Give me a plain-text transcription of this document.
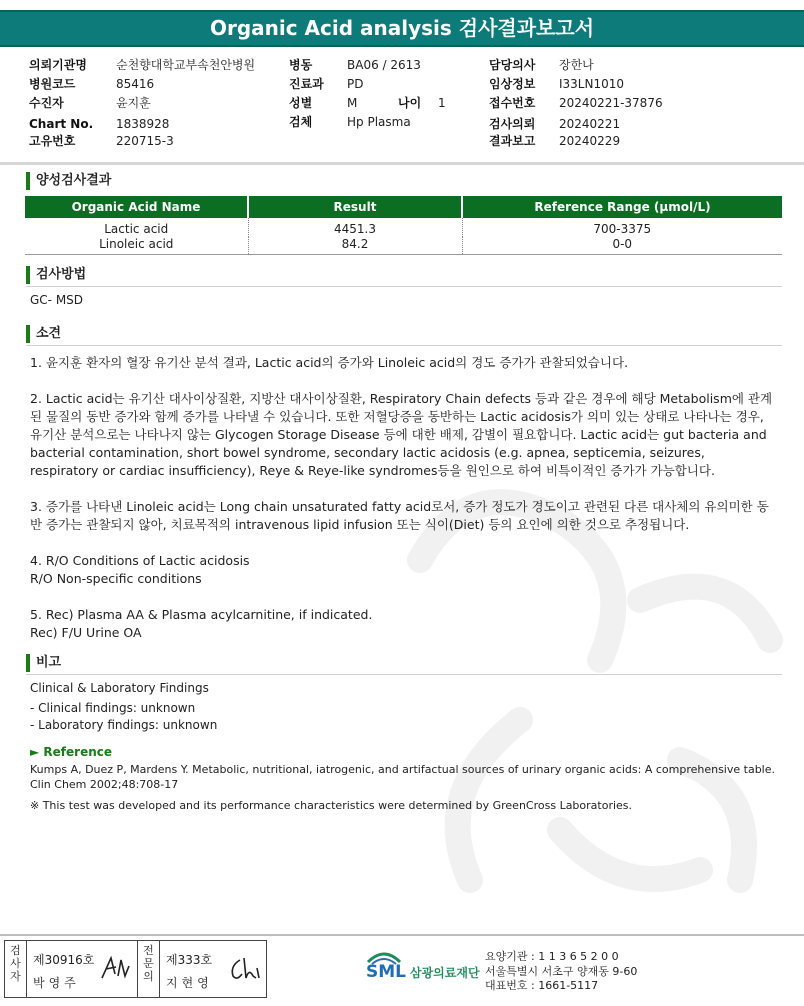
Organic Acid analysis 검사결과보고서
의뢰기관명 순천향대학교부속천안병원
병원코드	85416
수진자	윤지훈
Chart No. 1838928
고유번호	220715-3
병동	BA06 / 2613
진료과 PD
성별	M	나이 1
검체	Hp Plasma
담당의사 장한나
임상정보 I33LN1010
접수번호 20240221-37876
검사의뢰 20240221
결과보고 20240229
양성검사결과
Organic Acid Name	Result	Reference Range (μmol/L)
Lactic acid	4451.3	700-3375
Linoleic acid	84.2	0-0
검사방법
GC- MSD
소견

1. 윤지훈 환자의 혈장 유기산 분석 결과, Lactic acid의 증가와 Linoleic acid의 경도 증가가 관찰되었습니다.

2. Lactic acid는 유기산 대사이상질환, 지방산 대사이상질환, Respiratory Chain defects 등과 같은 경우에 해당 Metabolism에 관계된 물질의 동반 증가와 함께 증가를 나타낼 수 있습니다. 또한 저혈당증을 동반하는 Lactic acidosis가 의미 있는 상태로 나타나는 경우, 유기산 분석으로는 나타나지 않는 Glycogen Storage Disease 등에 대한 배제, 감별이 필요합니다. Lactic acid는 gut bacteria and bacterial contamination, short bowel syndrome, secondary lactic acidosis (e.g. apnea, septicemia, seizures, respiratory or cardiac insufficiency), Reye & Reye-like syndromes등을 원인으로 하여 비특이적인 증가가 가능합니다.

3. 증가를 나타낸 Linoleic acid는 Long chain unsaturated fatty acid로서, 증가 정도가 경도이고 관련된 다른 대사체의 유의미한 동반 증가는 관찰되지 않아, 치료목적의 intravenous lipid infusion 또는 식이(Diet) 등의 요인에 의한 것으로 추정됩니다.

4. R/O Conditions of Lactic acidosis

R/O Non-specific conditions

5. Rec) Plasma AA & Plasma acylcarnitine, if indicated.

Rec) F/U Urine OA

비고

Clinical & Laboratory Findings

- Clinical findings: unknown

- Laboratory findings: unknown

► Reference
Kumps A, Duez P, Mardens Y. Metabolic, nutritional, iatrogenic, and artifactual sources of urinary organic acids: A comprehensive table. Clin Chem 2002;48:708-17
※ This test was developed and its performance characteristics were determined by GreenCross Laboratories.
검
사
자
제30916호
박영주
전
문
의
제333호
지현영
SML 삼광의료재단
요양기관 : 1 1 3 6 5 2 0 0
서울특별시 서초구 양재동 9-60
대표번호 : 1661-5117
